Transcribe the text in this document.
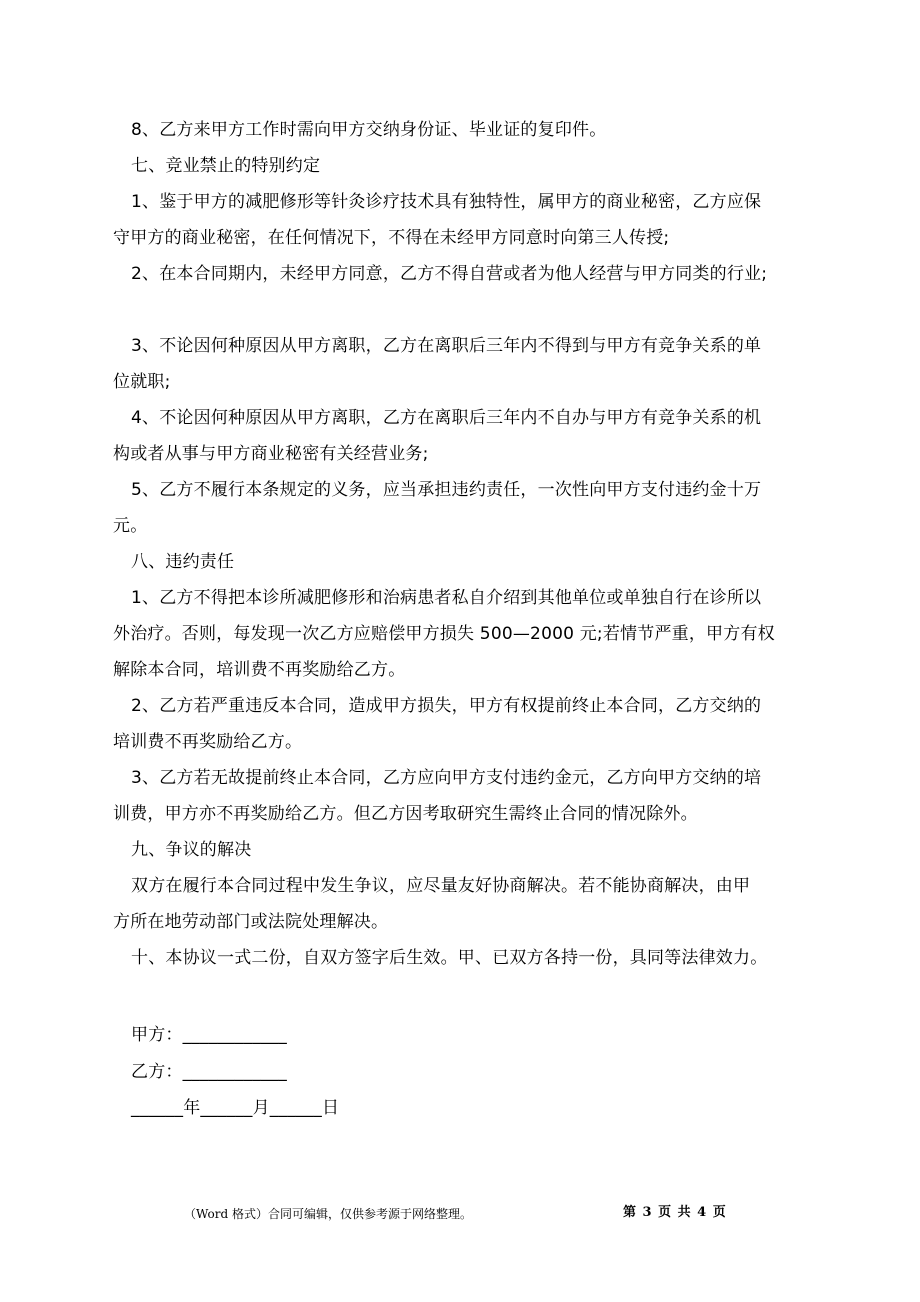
8、乙方来甲方工作时需向甲方交纳身份证、毕业证的复印件。
七、竞业禁止的特别约定
1、鉴于甲方的减肥修形等针灸诊疗技术具有独特性，属甲方的商业秘密，乙方应保
守甲方的商业秘密，在任何情况下，不得在未经甲方同意时向第三人传授;
2、在本合同期内，未经甲方同意，乙方不得自营或者为他人经营与甲方同类的行业;
3、不论因何种原因从甲方离职，乙方在离职后三年内不得到与甲方有竞争关系的单
位就职;
4、不论因何种原因从甲方离职，乙方在离职后三年内不自办与甲方有竞争关系的机
构或者从事与甲方商业秘密有关经营业务;
5、乙方不履行本条规定的义务，应当承担违约责任，一次性向甲方支付违约金十万
元。
八、违约责任
1、乙方不得把本诊所减肥修形和治病患者私自介绍到其他单位或单独自行在诊所以
外治疗。否则，每发现一次乙方应赔偿甲方损失 500—2000 元;若情节严重，甲方有权
解除本合同，培训费不再奖励给乙方。
2、乙方若严重违反本合同，造成甲方损失，甲方有权提前终止本合同，乙方交纳的
培训费不再奖励给乙方。
3、乙方若无故提前终止本合同，乙方应向甲方支付违约金元，乙方向甲方交纳的培
训费，甲方亦不再奖励给乙方。但乙方因考取研究生需终止合同的情况除外。
九、争议的解决
双方在履行本合同过程中发生争议，应尽量友好协商解决。若不能协商解决，由甲
方所在地劳动部门或法院处理解决。
十、本协议一式二份，自双方签字后生效。甲、已双方各持一份，具同等法律效力。
甲方：____________
乙方：____________
______年______月______日
（Word 格式）合同可编辑，仅供参考源于网络整理。	第 3 页 共 4 页
